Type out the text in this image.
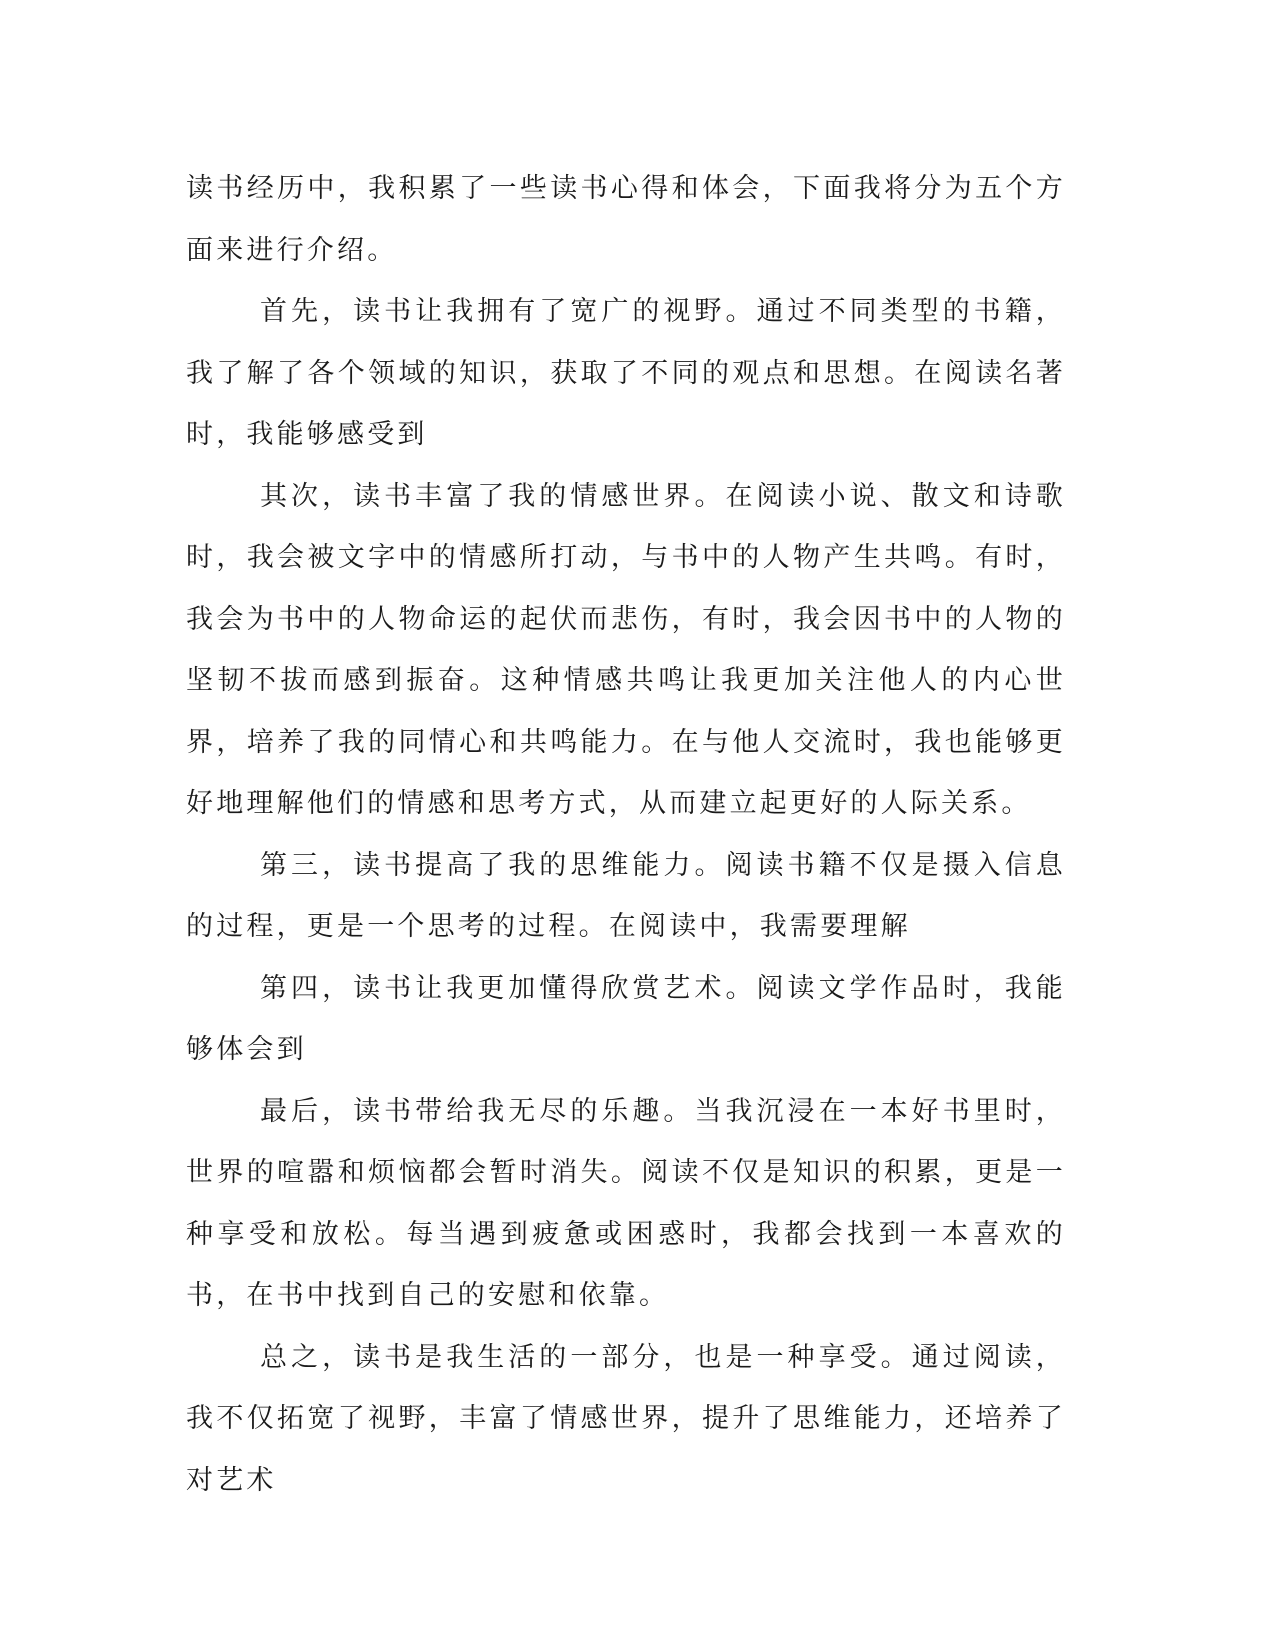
读书经历中，我积累了一些读书心得和体会，下面我将分为五个方面来进行介绍。

首先，读书让我拥有了宽广的视野。通过不同类型的书籍，我了解了各个领域的知识，获取了不同的观点和思想。在阅读名著时，我能够感受到

其次，读书丰富了我的情感世界。在阅读小说、散文和诗歌时，我会被文字中的情感所打动，与书中的人物产生共鸣。有时，我会为书中的人物命运的起伏而悲伤，有时，我会因书中的人物的坚韧不拔而感到振奋。这种情感共鸣让我更加关注他人的内心世界，培养了我的同情心和共鸣能力。在与他人交流时，我也能够更好地理解他们的情感和思考方式，从而建立起更好的人际关系。

第三，读书提高了我的思维能力。阅读书籍不仅是摄入信息的过程，更是一个思考的过程。在阅读中，我需要理解

第四，读书让我更加懂得欣赏艺术。阅读文学作品时，我能够体会到

最后，读书带给我无尽的乐趣。当我沉浸在一本好书里时，世界的喧嚣和烦恼都会暂时消失。阅读不仅是知识的积累，更是一种享受和放松。每当遇到疲惫或困惑时，我都会找到一本喜欢的书，在书中找到自己的安慰和依靠。

总之，读书是我生活的一部分，也是一种享受。通过阅读，我不仅拓宽了视野，丰富了情感世界，提升了思维能力，还培养了对艺术
